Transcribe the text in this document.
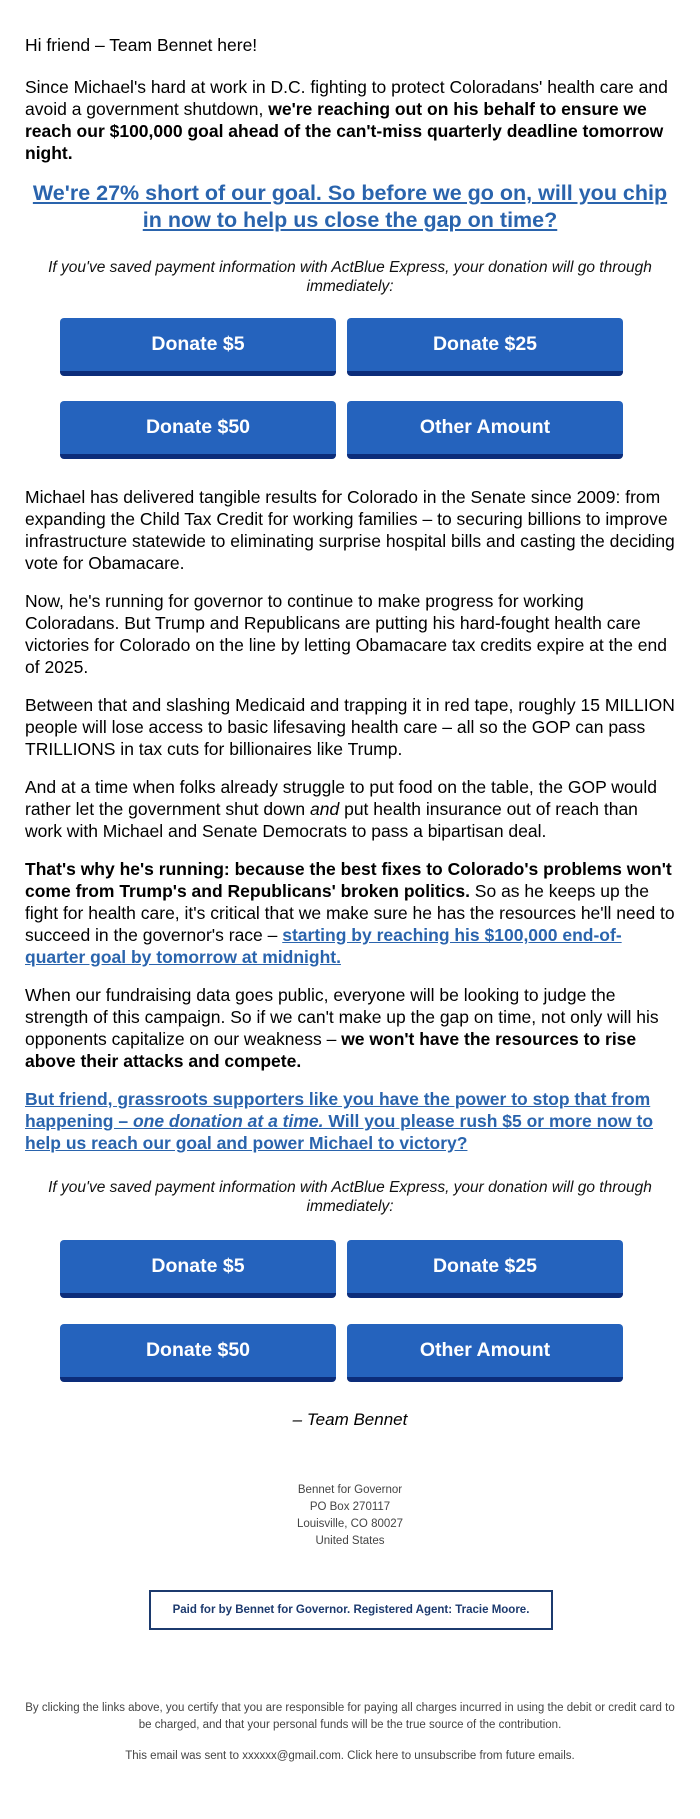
Hi friend – Team Bennet here!

Since Michael's hard at work in D.C. fighting to protect Coloradans' health care and avoid a government shutdown, we're reaching out on his behalf to ensure we reach our $100,000 goal ahead of the can't-miss quarterly deadline tomorrow night.

We're 27% short of our goal. So before we go on, will you chip in now to help us close the gap on time?
If you've saved payment information with ActBlue Express, your donation will go through immediately:
Donate $5	Donate $25
Donate $50	Other Amount

Michael has delivered tangible results for Colorado in the Senate since 2009: from expanding the Child Tax Credit for working families – to securing billions to improve infrastructure statewide to eliminating surprise hospital bills and casting the deciding vote for Obamacare.

Now, he's running for governor to continue to make progress for working Coloradans. But Trump and Republicans are putting his hard-fought health care victories for Colorado on the line by letting Obamacare tax credits expire at the end of 2025.

Between that and slashing Medicaid and trapping it in red tape, roughly 15 MILLION people will lose access to basic lifesaving health care – all so the GOP can pass TRILLIONS in tax cuts for billionaires like Trump.

And at a time when folks already struggle to put food on the table, the GOP would rather let the government shut down and put health insurance out of reach than work with Michael and Senate Democrats to pass a bipartisan deal.

That's why he's running: because the best fixes to Colorado's problems won't come from Trump's and Republicans' broken politics. So as he keeps up the fight for health care, it's critical that we make sure he has the resources he'll need to succeed in the governor's race – starting by reaching his $100,000 end-of-quarter goal by tomorrow at midnight.

When our fundraising data goes public, everyone will be looking to judge the strength of this campaign. So if we can't make up the gap on time, not only will his opponents capitalize on our weakness – we won't have the resources to rise above their attacks and compete.

But friend, grassroots supporters like you have the power to stop that from happening – one donation at a time. Will you please rush $5 or more now to help us reach our goal and power Michael to victory?

If you've saved payment information with ActBlue Express, your donation will go through immediately:
Donate $5	Donate $25
Donate $50	Other Amount
– Team Bennet
Bennet for Governor
PO Box 270117
Louisville, CO 80027
United States
Paid for by Bennet for Governor. Registered Agent: Tracie Moore.
By clicking the links above, you certify that you are responsible for paying all charges incurred in using the debit or credit card to be charged, and that your personal funds will be the true source of the contribution.
This email was sent to xxxxxx@gmail.com. Click here to unsubscribe from future emails.
